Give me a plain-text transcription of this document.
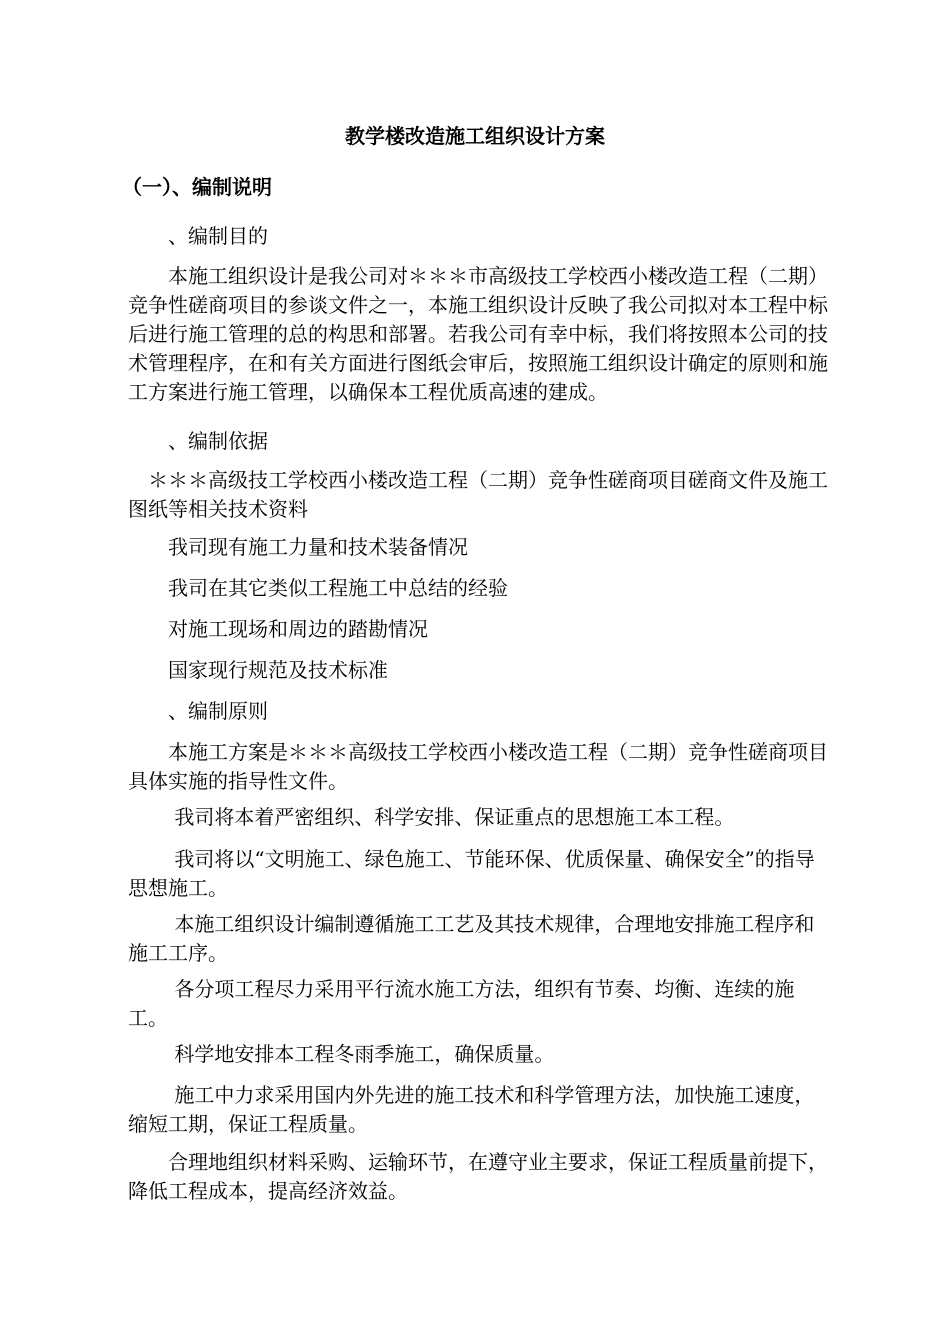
教学楼改造施工组织设计方案
（一）、编制说明
　　、编制目的
　　本施工组织设计是我公司对＊＊＊市高级技工学校西小楼改造工程（二期）竞争性磋商项目的参谈文件之一，本施工组织设计反映了我公司拟对本工程中标后进行施工管理的总的构思和部署。若我公司有幸中标，我们将按照本公司的技术管理程序，在和有关方面进行图纸会审后，按照施工组织设计确定的原则和施工方案进行施工管理，以确保本工程优质高速的建成。
　　、编制依据
　＊＊＊高级技工学校西小楼改造工程（二期）竞争性磋商项目磋商文件及施工图纸等相关技术资料
　　我司现有施工力量和技术装备情况
　　我司在其它类似工程施工中总结的经验
　　对施工现场和周边的踏勘情况
　　国家现行规范及技术标准
　　、编制原则
　　本施工方案是＊＊＊高级技工学校西小楼改造工程（二期）竞争性磋商项目具体实施的指导性文件。
　　 我司将本着严密组织、科学安排、保证重点的思想施工本工程。
　　 我司将以“文明施工、绿色施工、节能环保、优质保量、确保安全”的指导思想施工。
　　 本施工组织设计编制遵循施工工艺及其技术规律，合理地安排施工程序和施工工序。
　　 各分项工程尽力采用平行流水施工方法，组织有节奏、均衡、连续的施工。
　　 科学地安排本工程冬雨季施工，确保质量。
　　 施工中力求采用国内外先进的施工技术和科学管理方法，加快施工速度，缩短工期，保证工程质量。
　　合理地组织材料采购、运输环节，在遵守业主要求，保证工程质量前提下，降低工程成本，提高经济效益。
